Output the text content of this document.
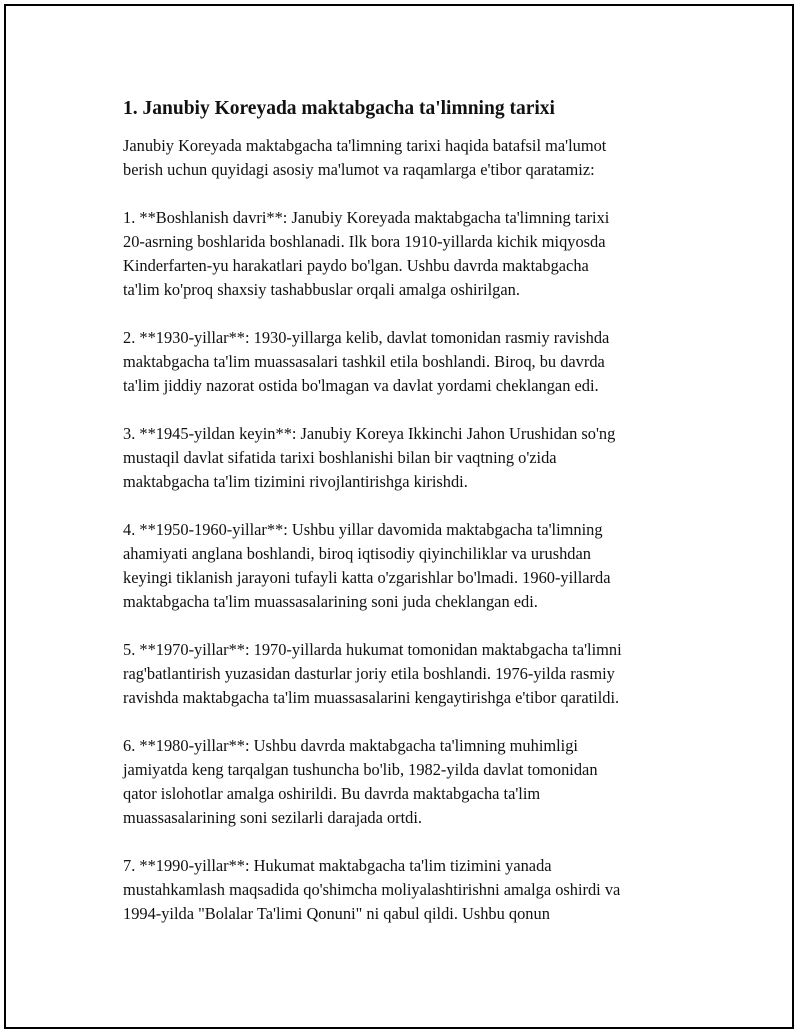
1. Janubiy Koreyada maktabgacha ta'limning tarixi
Janubiy Koreyada maktabgacha ta'limning tarixi haqida batafsil ma'lumot
berish uchun quyidagi asosiy ma'lumot va raqamlarga e'tibor qaratamiz:
1. **Boshlanish davri**: Janubiy Koreyada maktabgacha ta'limning tarixi
20-asrning boshlarida boshlanadi. Ilk bora 1910-yillarda kichik miqyosda
Kinderfarten-yu harakatlari paydo bo'lgan. Ushbu davrda maktabgacha
ta'lim ko'proq shaxsiy tashabbuslar orqali amalga oshirilgan.
2. **1930-yillar**: 1930-yillarga kelib, davlat tomonidan rasmiy ravishda
maktabgacha ta'lim muassasalari tashkil etila boshlandi. Biroq, bu davrda
ta'lim jiddiy nazorat ostida bo'lmagan va davlat yordami cheklangan edi.
3. **1945-yildan keyin**: Janubiy Koreya Ikkinchi Jahon Urushidan so'ng
mustaqil davlat sifatida tarixi boshlanishi bilan bir vaqtning o'zida
maktabgacha ta'lim tizimini rivojlantirishga kirishdi.
4. **1950-1960-yillar**: Ushbu yillar davomida maktabgacha ta'limning
ahamiyati anglana boshlandi, biroq iqtisodiy qiyinchiliklar va urushdan
keyingi tiklanish jarayoni tufayli katta o'zgarishlar bo'lmadi. 1960-yillarda
maktabgacha ta'lim muassasalarining soni juda cheklangan edi.
5. **1970-yillar**: 1970-yillarda hukumat tomonidan maktabgacha ta'limni
rag'batlantirish yuzasidan dasturlar joriy etila boshlandi. 1976-yilda rasmiy
ravishda maktabgacha ta'lim muassasalarini kengaytirishga e'tibor qaratildi.
6. **1980-yillar**: Ushbu davrda maktabgacha ta'limning muhimligi
jamiyatda keng tarqalgan tushuncha bo'lib, 1982-yilda davlat tomonidan
qator islohotlar amalga oshirildi. Bu davrda maktabgacha ta'lim
muassasalarining soni sezilarli darajada ortdi.
7. **1990-yillar**: Hukumat maktabgacha ta'lim tizimini yanada
mustahkamlash maqsadida qo'shimcha moliyalashtirishni amalga oshirdi va
1994-yilda "Bolalar Ta'limi Qonuni" ni qabul qildi. Ushbu qonun
